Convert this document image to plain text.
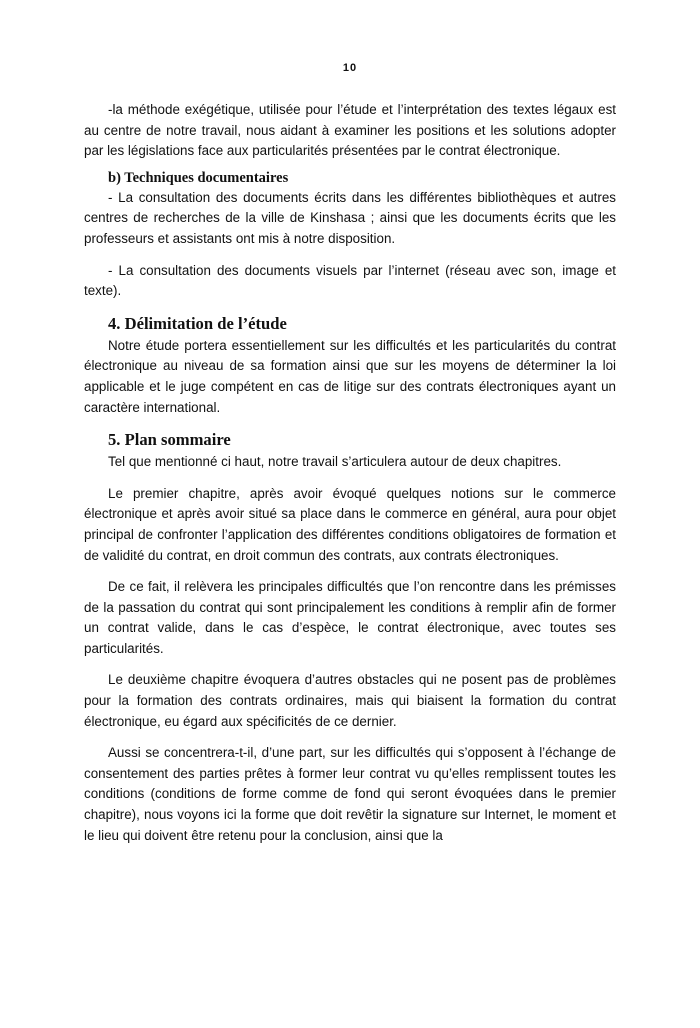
10

-la méthode exégétique, utilisée pour l’étude et l’interprétation des textes légaux est au centre de notre travail, nous aidant à examiner les positions et les solutions adopter par les législations face aux particularités présentées par le contrat électronique.

b) Techniques documentaires

- La consultation des documents écrits dans les différentes bibliothèques et autres centres de recherches de la ville de Kinshasa ; ainsi que les documents écrits que les professeurs et assistants ont mis à notre disposition.

- La consultation des documents visuels par l’internet (réseau avec son, image et texte).

4. Délimitation de l’étude

Notre étude portera essentiellement sur les difficultés et les particularités du contrat électronique au niveau de sa formation ainsi que sur les moyens de déterminer la loi applicable et le juge compétent en cas de litige sur des contrats électroniques ayant un caractère international.

5. Plan sommaire

Tel que mentionné ci haut, notre travail s’articulera autour de deux chapitres.

Le premier chapitre, après avoir évoqué quelques notions sur le commerce électronique et après avoir situé sa place dans le commerce en général, aura pour objet principal de confronter l’application des différentes conditions obligatoires de formation et de validité du contrat, en droit commun des contrats, aux contrats électroniques.

De ce fait, il relèvera les principales difficultés que l’on rencontre dans les prémisses de la passation du contrat qui sont principalement les conditions à remplir afin de former un contrat valide, dans le cas d’espèce, le contrat électronique, avec toutes ses particularités.

Le deuxième chapitre évoquera d’autres obstacles qui ne posent pas de problèmes pour la formation des contrats ordinaires, mais qui biaisent la formation du contrat électronique, eu égard aux spécificités de ce dernier.

Aussi se concentrera-t-il, d’une part, sur les difficultés qui s’opposent à l’échange de consentement des parties prêtes à former leur contrat vu qu’elles remplissent toutes les conditions (conditions de forme comme de fond qui seront évoquées dans le premier chapitre), nous voyons ici la forme que doit revêtir la signature sur Internet, le moment et le lieu qui doivent être retenu pour la conclusion, ainsi que la
